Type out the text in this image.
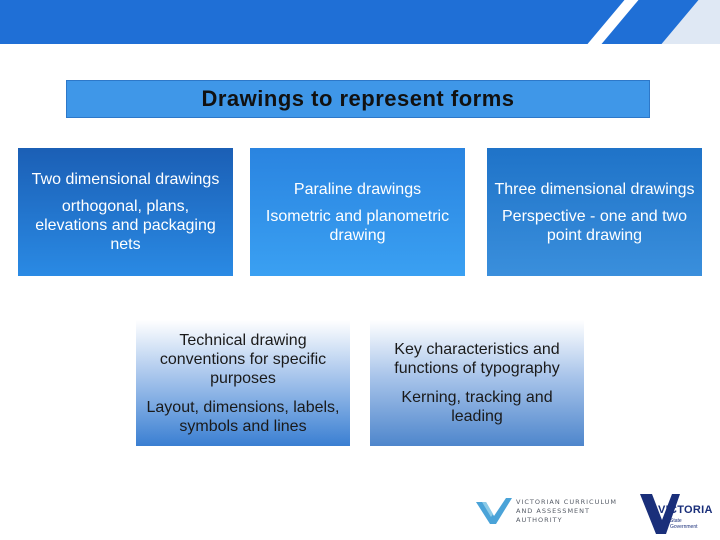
Drawings to represent forms
Two dimensional drawings
orthogonal, plans, elevations and packaging nets
Paraline drawings
Isometric and planometric drawing
Three dimensional drawings
Perspective - one and two point drawing
Technical drawing conventions for specific purposes
Layout, dimensions, labels, symbols and lines
Key characteristics and functions of typography
Kerning, tracking and leading
VICTORIAN CURRICULUM
AND ASSESSMENT AUTHORITY
VICTORIA
State
Government
